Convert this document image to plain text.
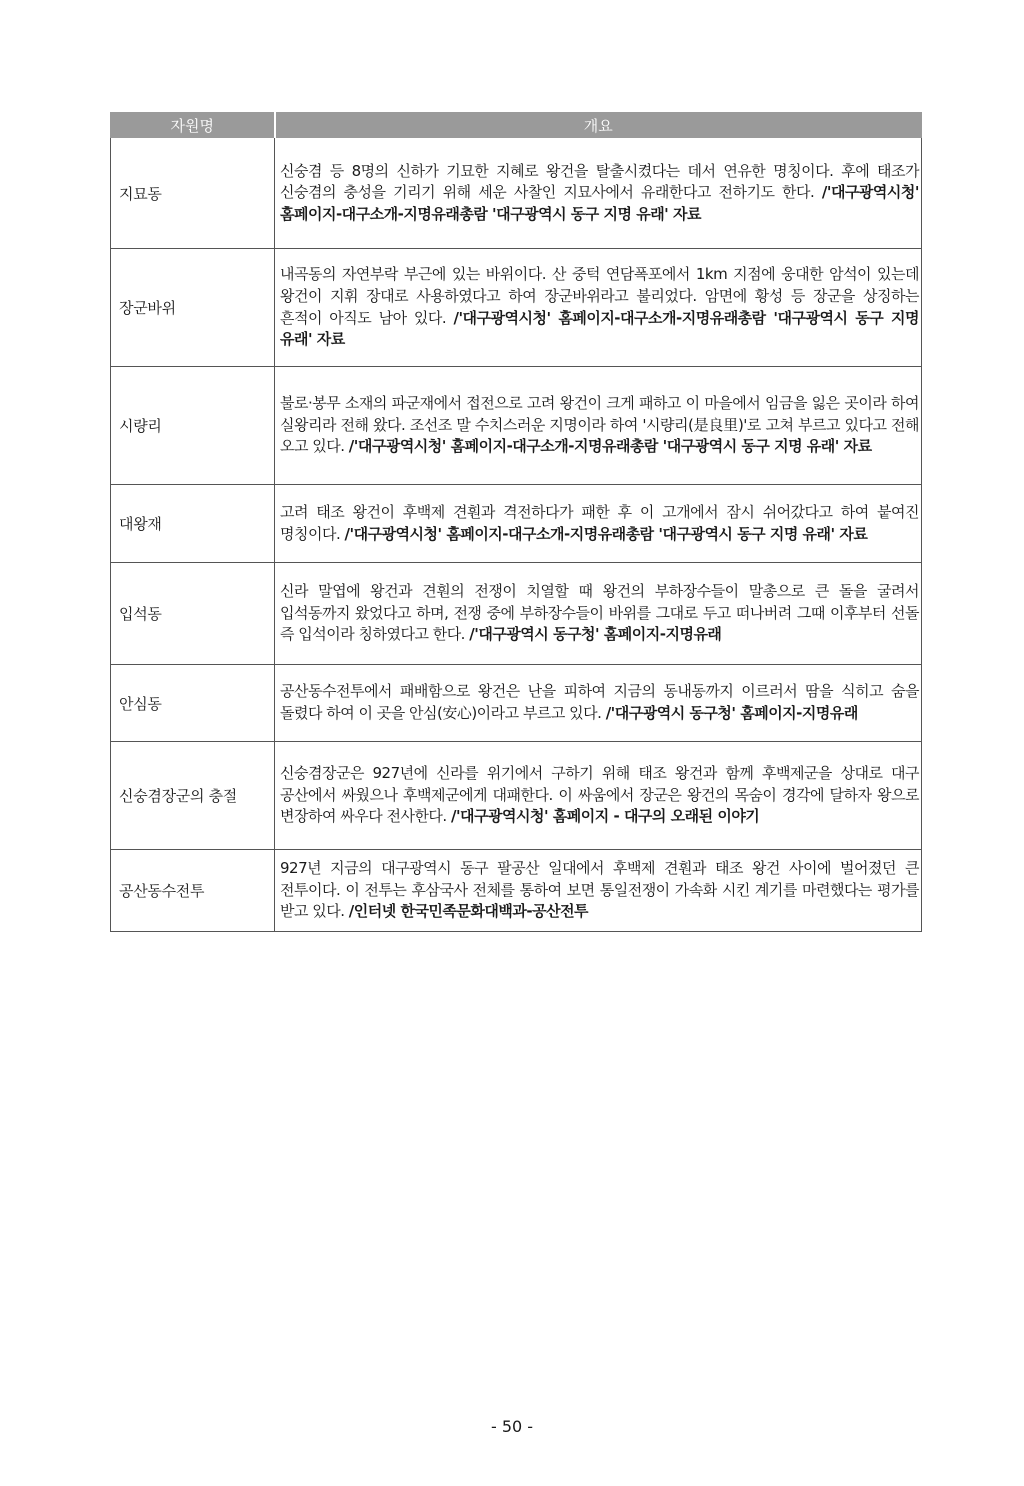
자원명	개요
지묘동	신숭겸 등 8명의 신하가 기묘한 지혜로 왕건을 탈출시켰다는 데서 연유한 명칭이다. 후에 태조가 신숭겸의 충성을 기리기 위해 세운 사찰인 지묘사에서 유래한다고 전하기도 한다. /'대구광역시청' 홈페이지-대구소개-지명유래총람 '대구광역시 동구 지명 유래' 자료
장군바위	내곡동의 자연부락 부근에 있는 바위이다. 산 중턱 연담폭포에서 1km 지점에 웅대한 암석이 있는데 왕건이 지휘 장대로 사용하였다고 하여 장군바위라고 불리었다. 암면에 황성 등 장군을 상징하는 흔적이 아직도 남아 있다. /'대구광역시청' 홈페이지-대구소개-지명유래총람 '대구광역시 동구 지명 유래' 자료
시량리	불로·봉무 소재의 파군재에서 접전으로 고려 왕건이 크게 패하고 이 마을에서 임금을 잃은 곳이라 하여 실왕리라 전해 왔다. 조선조 말 수치스러운 지명이라 하여 '시량리(是良里)'로 고쳐 부르고 있다고 전해 오고 있다. /'대구광역시청' 홈페이지-대구소개-지명유래총람 '대구광역시 동구 지명 유래' 자료
대왕재	고려 태조 왕건이 후백제 견훤과 격전하다가 패한 후 이 고개에서 잠시 쉬어갔다고 하여 붙여진 명칭이다. /'대구광역시청' 홈페이지-대구소개-지명유래총람 '대구광역시 동구 지명 유래' 자료
입석동	신라 말엽에 왕건과 견훤의 전쟁이 치열할 때 왕건의 부하장수들이 말총으로 큰 돌을 굴려서 입석동까지 왔었다고 하며, 전쟁 중에 부하장수들이 바위를 그대로 두고 떠나버려 그때 이후부터 선돌 즉 입석이라 칭하였다고 한다. /'대구광역시 동구청' 홈페이지-지명유래
안심동	공산동수전투에서 패배함으로 왕건은 난을 피하여 지금의 동내동까지 이르러서 땀을 식히고 숨을 돌렸다 하여 이 곳을 안심(安心)이라고 부르고 있다. /'대구광역시 동구청' 홈페이지-지명유래
신숭겸장군의 충절	신숭겸장군은 927년에 신라를 위기에서 구하기 위해 태조 왕건과 함께 후백제군을 상대로 대구 공산에서 싸웠으나 후백제군에게 대패한다. 이 싸움에서 장군은 왕건의 목숨이 경각에 달하자 왕으로 변장하여 싸우다 전사한다. /'대구광역시청' 홈페이지 - 대구의 오래된 이야기
공산동수전투	927년 지금의 대구광역시 동구 팔공산 일대에서 후백제 견훤과 태조 왕건 사이에 벌어졌던 큰 전투이다. 이 전투는 후삼국사 전체를 통하여 보면 통일전쟁이 가속화 시킨 계기를 마련했다는 평가를 받고 있다. /인터넷 한국민족문화대백과-공산전투
- 50 -
